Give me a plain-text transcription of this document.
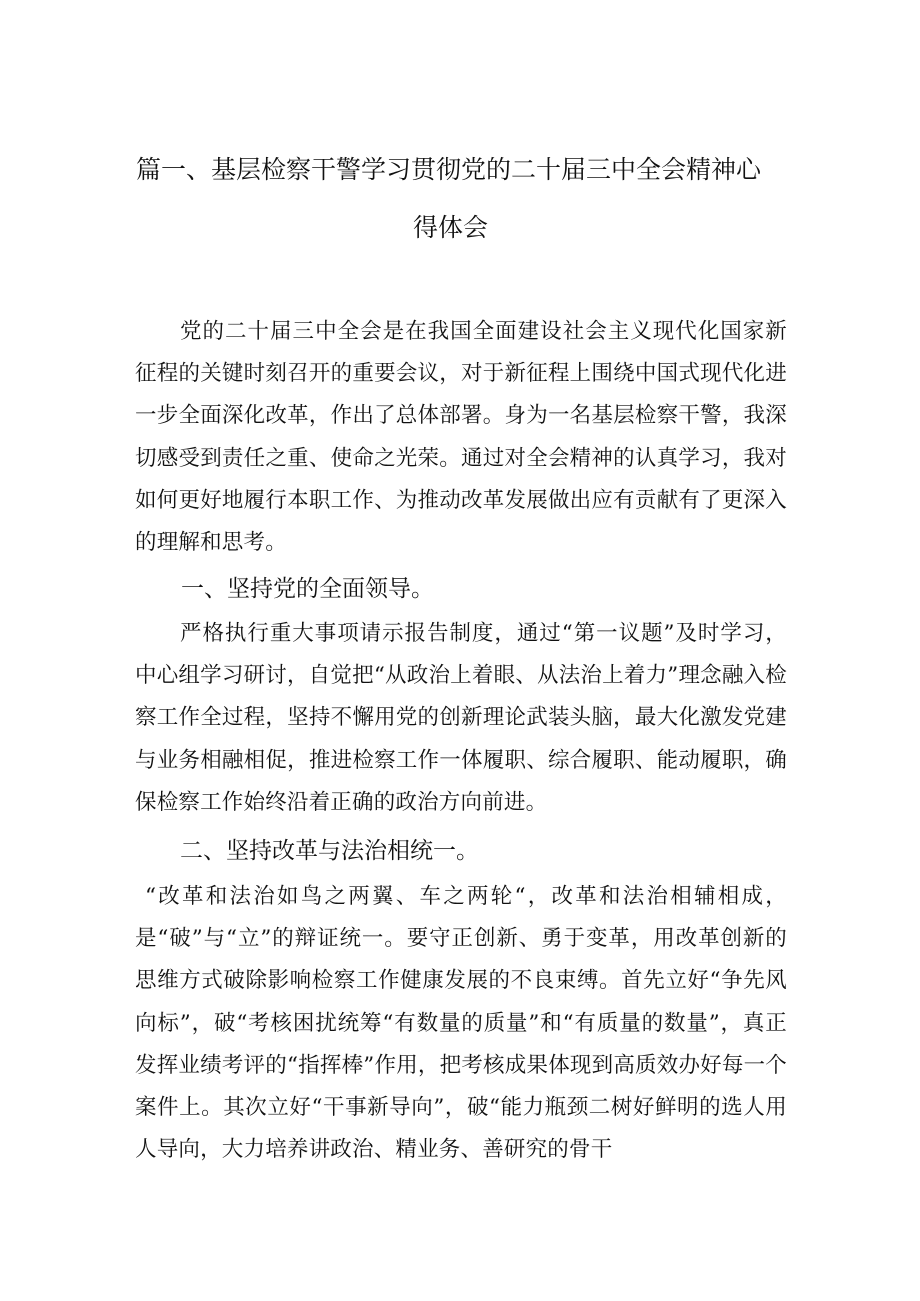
篇一、基层检察干警学习贯彻党的二十届三中全会精神心
得体会
党的二十届三中全会是在我国全面建设社会主义现代化国家新征程的关键时刻召开的重要会议，对于新征程上围绕中国式现代化进一步全面深化改革，作出了总体部署。身为一名基层检察干警，我深切感受到责任之重、使命之光荣。通过对全会精神的认真学习，我对如何更好地履行本职工作、为推动改革发展做出应有贡献有了更深入的理解和思考。
一、坚持党的全面领导。
严格执行重大事项请示报告制度，通过“第一议题”及时学习，中心组学习研讨，自觉把“从政治上着眼、从法治上着力”理念融入检察工作全过程，坚持不懈用党的创新理论武装头脑，最大化激发党建与业务相融相促，推进检察工作一体履职、综合履职、能动履职，确保检察工作始终沿着正确的政治方向前进。
二、坚持改革与法治相统一。
“改革和法治如鸟之两翼、车之两轮“，改革和法治相辅相成，是“破”与“立”的辩证统一。要守正创新、勇于变革，用改革创新的思维方式破除影响检察工作健康发展的不良束缚。首先立好“争先风向标”，破“考核困扰统筹“有数量的质量”和“有质量的数量”，真正发挥业绩考评的“指挥棒”作用，把考核成果体现到高质效办好每一个案件上。其次立好“干事新导向”，破“能力瓶颈二树好鲜明的选人用人导向，大力培养讲政治、精业务、善研究的骨干
